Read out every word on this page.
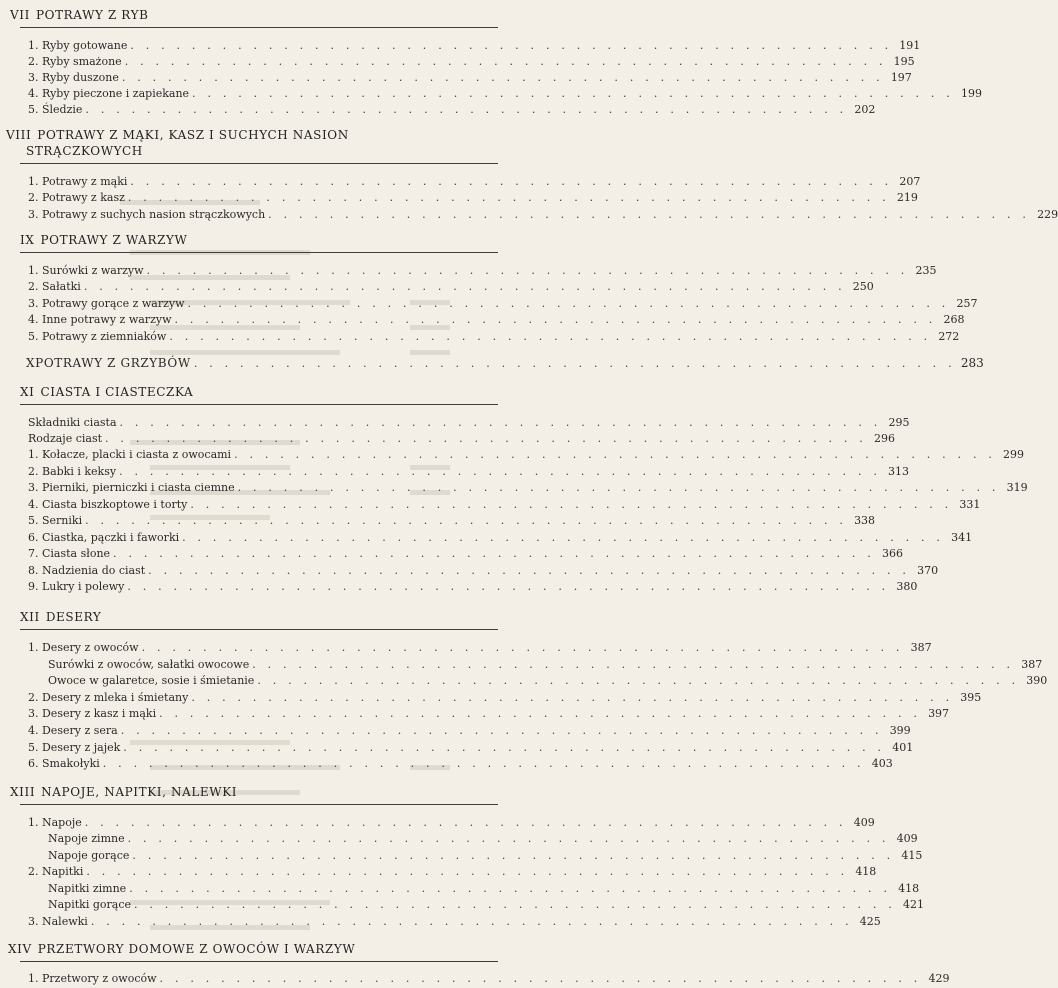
VII POTRAWY Z RYB
1. Ryby gotowane . . . . . . . . . . . . . . . . . . . . . . . . . . . . . . . . . . . . . . . . . . . . . . . . . . 191
2. Ryby smażone . . . . . . . . . . . . . . . . . . . . . . . . . . . . . . . . . . . . . . . . . . . . . . . . . . 195
3. Ryby duszone . . . . . . . . . . . . . . . . . . . . . . . . . . . . . . . . . . . . . . . . . . . . . . . . . . 197
4. Ryby pieczone i zapiekane . . . . . . . . . . . . . . . . . . . . . . . . . . . . . . . . . . . . . . . . . . . . . . . . . . 199
5. Śledzie . . . . . . . . . . . . . . . . . . . . . . . . . . . . . . . . . . . . . . . . . . . . . . . . . . 202
VIII POTRAWY Z MĄKI, KASZ I SUCHYCH NASION
STRĄCZKOWYCH
1. Potrawy z mąki . . . . . . . . . . . . . . . . . . . . . . . . . . . . . . . . . . . . . . . . . . . . . . . . . . 207
2. Potrawy z kasz . . . . . . . . . . . . . . . . . . . . . . . . . . . . . . . . . . . . . . . . . . . . . . . . . . 219
3. Potrawy z suchych nasion strączkowych . . . . . . . . . . . . . . . . . . . . . . . . . . . . . . . . . . . . . . . . . . . . . . . . . . 229
IX POTRAWY Z WARZYW
1. Surówki z warzyw . . . . . . . . . . . . . . . . . . . . . . . . . . . . . . . . . . . . . . . . . . . . . . . . . . 235
2. Sałatki . . . . . . . . . . . . . . . . . . . . . . . . . . . . . . . . . . . . . . . . . . . . . . . . . . 250
3. Potrawy gorące z warzyw . . . . . . . . . . . . . . . . . . . . . . . . . . . . . . . . . . . . . . . . . . . . . . . . . . 257
4. Inne potrawy z warzyw . . . . . . . . . . . . . . . . . . . . . . . . . . . . . . . . . . . . . . . . . . . . . . . . . . 268
5. Potrawy z ziemniaków . . . . . . . . . . . . . . . . . . . . . . . . . . . . . . . . . . . . . . . . . . . . . . . . . . 272
XPOTRAWY Z GRZYBÓW . . . . . . . . . . . . . . . . . . . . . . . . . . . . . . . . . . . . . . . . . . . . . . . . . . 283
XI CIASTA I CIASTECZKA
Składniki ciasta . . . . . . . . . . . . . . . . . . . . . . . . . . . . . . . . . . . . . . . . . . . . . . . . . . 295
Rodzaje ciast . . . . . . . . . . . . . . . . . . . . . . . . . . . . . . . . . . . . . . . . . . . . . . . . . . 296
1. Kołacze, placki i ciasta z owocami . . . . . . . . . . . . . . . . . . . . . . . . . . . . . . . . . . . . . . . . . . . . . . . . . . 299
2. Babki i keksy . . . . . . . . . . . . . . . . . . . . . . . . . . . . . . . . . . . . . . . . . . . . . . . . . . 313
3. Pierniki, pierniczki i ciasta ciemne . . . . . . . . . . . . . . . . . . . . . . . . . . . . . . . . . . . . . . . . . . . . . . . . . . 319
4. Ciasta biszkoptowe i torty . . . . . . . . . . . . . . . . . . . . . . . . . . . . . . . . . . . . . . . . . . . . . . . . . . 331
5. Serniki . . . . . . . . . . . . . . . . . . . . . . . . . . . . . . . . . . . . . . . . . . . . . . . . . . 338
6. Ciastka, pączki i faworki . . . . . . . . . . . . . . . . . . . . . . . . . . . . . . . . . . . . . . . . . . . . . . . . . . 341
7. Ciasta słone . . . . . . . . . . . . . . . . . . . . . . . . . . . . . . . . . . . . . . . . . . . . . . . . . . 366
8. Nadzienia do ciast . . . . . . . . . . . . . . . . . . . . . . . . . . . . . . . . . . . . . . . . . . . . . . . . . . 370
9. Lukry i polewy . . . . . . . . . . . . . . . . . . . . . . . . . . . . . . . . . . . . . . . . . . . . . . . . . . 380
XII DESERY
1. Desery z owoców . . . . . . . . . . . . . . . . . . . . . . . . . . . . . . . . . . . . . . . . . . . . . . . . . . 387
Surówki z owoców, sałatki owocowe . . . . . . . . . . . . . . . . . . . . . . . . . . . . . . . . . . . . . . . . . . . . . . . . . . 387
Owoce w galaretce, sosie i śmietanie . . . . . . . . . . . . . . . . . . . . . . . . . . . . . . . . . . . . . . . . . . . . . . . . . . 390
2. Desery z mleka i śmietany . . . . . . . . . . . . . . . . . . . . . . . . . . . . . . . . . . . . . . . . . . . . . . . . . . 395
3. Desery z kasz i mąki . . . . . . . . . . . . . . . . . . . . . . . . . . . . . . . . . . . . . . . . . . . . . . . . . . 397
4. Desery z sera . . . . . . . . . . . . . . . . . . . . . . . . . . . . . . . . . . . . . . . . . . . . . . . . . . 399
5. Desery z jajek . . . . . . . . . . . . . . . . . . . . . . . . . . . . . . . . . . . . . . . . . . . . . . . . . . 401
6. Smakołyki . . . . . . . . . . . . . . . . . . . . . . . . . . . . . . . . . . . . . . . . . . . . . . . . . . 403
XIII NAPOJE, NAPITKI, NALEWKI
1. Napoje . . . . . . . . . . . . . . . . . . . . . . . . . . . . . . . . . . . . . . . . . . . . . . . . . . 409
Napoje zimne . . . . . . . . . . . . . . . . . . . . . . . . . . . . . . . . . . . . . . . . . . . . . . . . . . 409
Napoje gorące . . . . . . . . . . . . . . . . . . . . . . . . . . . . . . . . . . . . . . . . . . . . . . . . . . 415
2. Napitki . . . . . . . . . . . . . . . . . . . . . . . . . . . . . . . . . . . . . . . . . . . . . . . . . . 418
Napitki zimne . . . . . . . . . . . . . . . . . . . . . . . . . . . . . . . . . . . . . . . . . . . . . . . . . . 418
Napitki gorące . . . . . . . . . . . . . . . . . . . . . . . . . . . . . . . . . . . . . . . . . . . . . . . . . . 421
3. Nalewki . . . . . . . . . . . . . . . . . . . . . . . . . . . . . . . . . . . . . . . . . . . . . . . . . . 425
XIV PRZETWORY DOMOWE Z OWOCÓW I WARZYW
1. Przetwory z owoców . . . . . . . . . . . . . . . . . . . . . . . . . . . . . . . . . . . . . . . . . . . . . . . . . . 429
